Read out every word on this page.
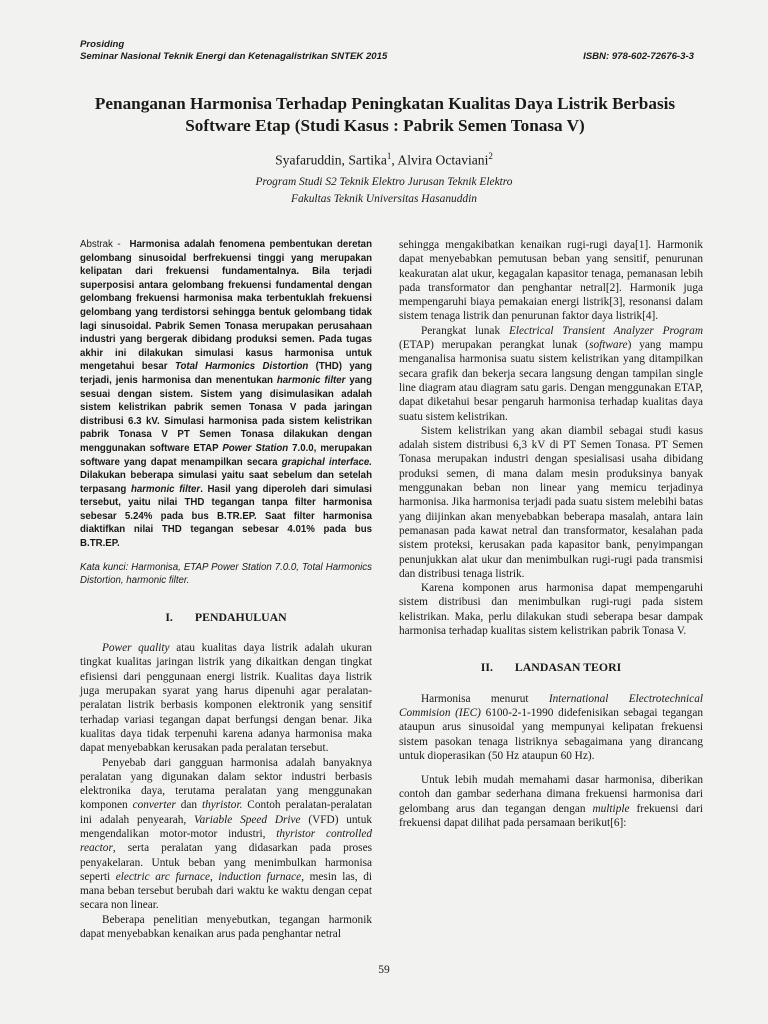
Prosiding
Seminar Nasional Teknik Energi dan Ketenagalistrikan SNTEK 2015	ISBN: 978-602-72676-3-3
Penanganan Harmonisa Terhadap Peningkatan Kualitas Daya Listrik Berbasis Software Etap (Studi Kasus : Pabrik Semen Tonasa V)
Syafaruddin, Sartika$^1$, Alvira Octaviani$^2$
Program Studi S2 Teknik Elektro Jurusan Teknik Elektro
Fakultas Teknik Universitas Hasanuddin

Abstrak - Harmonisa adalah fenomena pembentukan deretan gelombang sinusoidal berfrekuensi tinggi yang merupakan kelipatan dari frekuensi fundamentalnya. Bila terjadi superposisi antara gelombang frekuensi fundamental dengan gelombang frekuensi harmonisa maka terbentuklah frekuensi gelombang yang terdistorsi sehingga bentuk gelombang tidak lagi sinusoidal. Pabrik Semen Tonasa merupakan perusahaan industri yang bergerak dibidang produksi semen. Pada tugas akhir ini dilakukan simulasi kasus harmonisa untuk mengetahui besar Total Harmonics Distortion (THD) yang terjadi, jenis harmonisa dan menentukan harmonic filter yang sesuai dengan sistem. Sistem yang disimulasikan adalah sistem kelistrikan pabrik semen Tonasa V pada jaringan distribusi 6.3 kV. Simulasi harmonisa pada sistem kelistrikan pabrik Tonasa V PT Semen Tonasa dilakukan dengan menggunakan software ETAP Power Station 7.0.0, merupakan software yang dapat menampilkan secara grapichal interface. Dilakukan beberapa simulasi yaitu saat sebelum dan setelah terpasang harmonic filter. Hasil yang diperoleh dari simulasi tersebut, yaitu nilai THD tegangan tanpa filter harmonisa sebesar 5.24% pada bus B.TR.EP. Saat filter harmonisa diaktifkan nilai THD tegangan sebesar 4.01% pada bus B.TR.EP.

Kata kunci: Harmonisa, ETAP Power Station 7.0.0, Total Harmonics Distortion, harmonic filter.

I. PENDAHULUAN

Power quality atau kualitas daya listrik adalah ukuran tingkat kualitas jaringan listrik yang dikaitkan dengan tingkat efisiensi dari penggunaan energi listrik. Kualitas daya listrik juga merupakan syarat yang harus dipenuhi agar peralatan-peralatan listrik berbasis komponen elektronik yang sensitif terhadap variasi tegangan dapat berfungsi dengan benar. Jika kualitas daya tidak terpenuhi karena adanya harmonisa maka dapat menyebabkan kerusakan pada peralatan tersebut.

Penyebab dari gangguan harmonisa adalah banyaknya peralatan yang digunakan dalam sektor industri berbasis elektronika daya, terutama peralatan yang menggunakan komponen converter dan thyristor. Contoh peralatan-peralatan ini adalah penyearah, Variable Speed Drive (VFD) untuk mengendalikan motor-motor industri, thyristor controlled reactor, serta peralatan yang didasarkan pada proses penyakelaran. Untuk beban yang menimbulkan harmonisa seperti electric arc furnace, induction furnace, mesin las, di mana beban tersebut berubah dari waktu ke waktu dengan cepat secara non linear.

Beberapa penelitian menyebutkan, tegangan harmonik dapat menyebabkan kenaikan arus pada penghantar netral

sehingga mengakibatkan kenaikan rugi-rugi daya[1]. Harmonik dapat menyebabkan pemutusan beban yang sensitif, penurunan keakuratan alat ukur, kegagalan kapasitor tenaga, pemanasan lebih pada transformator dan penghantar netral[2]. Harmonik juga mempengaruhi biaya pemakaian energi listrik[3], resonansi dalam sistem tenaga listrik dan penurunan faktor daya listrik[4].

Perangkat lunak Electrical Transient Analyzer Program (ETAP) merupakan perangkat lunak (software) yang mampu menganalisa harmonisa suatu sistem kelistrikan yang ditampilkan secara grafik dan bekerja secara langsung dengan tampilan single line diagram atau diagram satu garis. Dengan menggunakan ETAP, dapat diketahui besar pengaruh harmonisa terhadap kualitas daya suatu sistem kelistrikan.

Sistem kelistrikan yang akan diambil sebagai studi kasus adalah sistem distribusi 6,3 kV di PT Semen Tonasa. PT Semen Tonasa merupakan industri dengan spesialisasi usaha dibidang produksi semen, di mana dalam mesin produksinya banyak menggunakan beban non linear yang memicu terjadinya harmonisa. Jika harmonisa terjadi pada suatu sistem melebihi batas yang diijinkan akan menyebabkan beberapa masalah, antara lain pemanasan pada kawat netral dan transformator, kesalahan pada sistem proteksi, kerusakan pada kapasitor bank, penyimpangan penunjukkan alat ukur dan menimbulkan rugi-rugi pada transmisi dan distribusi tenaga listrik.

Karena komponen arus harmonisa dapat mempengaruhi sistem distribusi dan menimbulkan rugi-rugi pada sistem kelistrikan. Maka, perlu dilakukan studi seberapa besar dampak harmonisa terhadap kualitas sistem kelistrikan pabrik Tonasa V.

II. LANDASAN TEORI

Harmonisa menurut International Electrotechnical Commision (IEC) 6100-2-1-1990 didefenisikan sebagai tegangan ataupun arus sinusoidal yang mempunyai kelipatan frekuensi sistem pasokan tenaga listriknya sebagaimana yang dirancang untuk dioperasikan (50 Hz ataupun 60 Hz).

Untuk lebih mudah memahami dasar harmonisa, diberikan contoh dan gambar sederhana dimana frekuensi harmonisa dari gelombang arus dan tegangan dengan multiple frekuensi dari frekuensi dapat dilihat pada persamaan berikut[6]:

59
